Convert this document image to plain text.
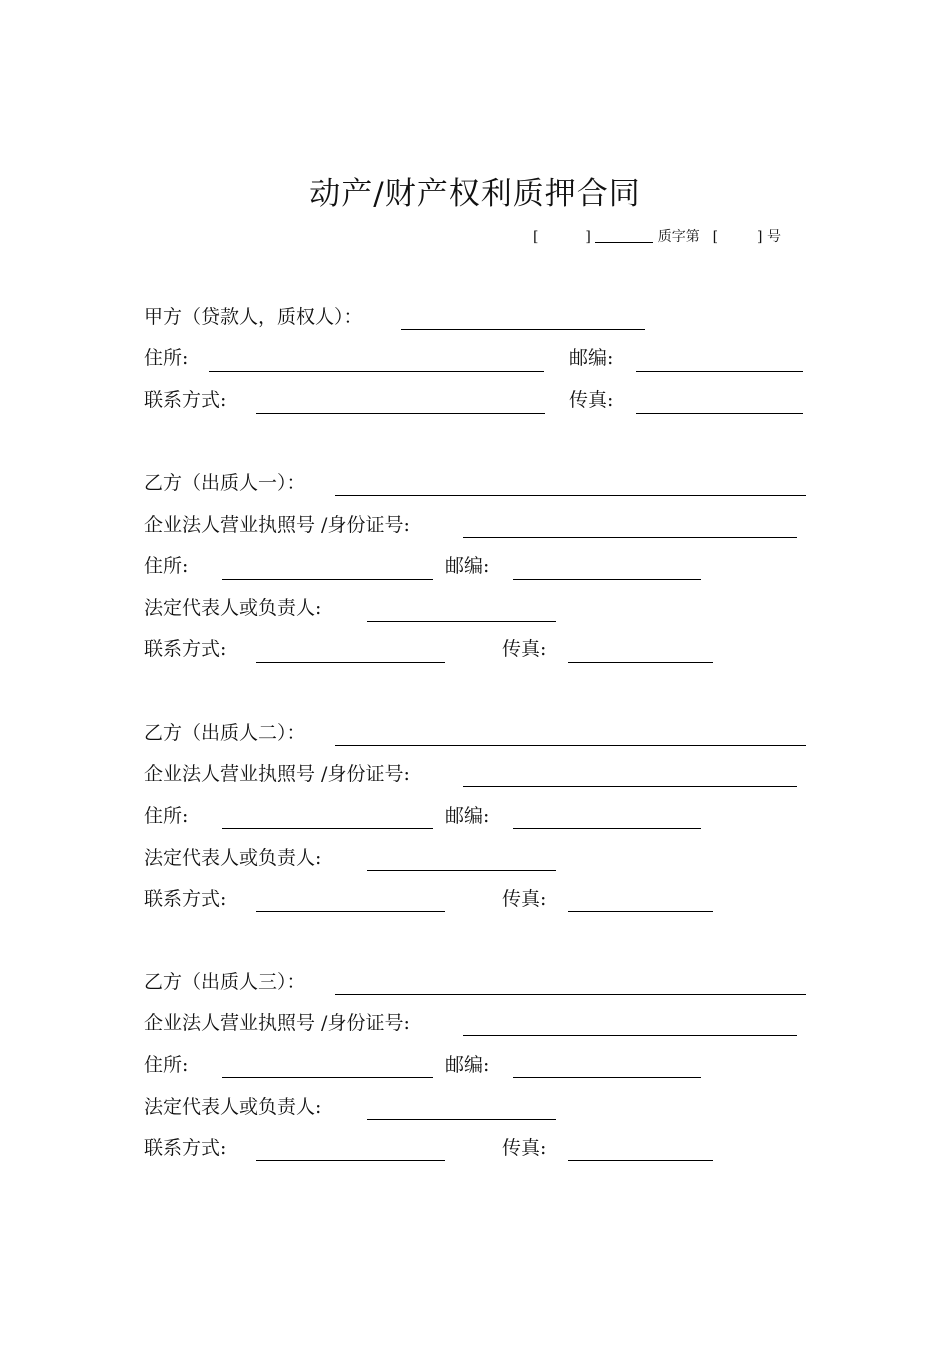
动产/财产权利质押合同
[	]	质字第 [	] 号
甲方（贷款人，质权人）：
住所:	邮编:
联系方式:	传真:
乙方（出质人一）：
企业法人营业执照号 /身份证号:
住所:	邮编:
法定代表人或负责人:
联系方式:	传真:
乙方（出质人二）：
企业法人营业执照号 /身份证号:
住所:	邮编:
法定代表人或负责人:
联系方式:	传真:
乙方（出质人三）：
企业法人营业执照号 /身份证号:
住所:	邮编:
法定代表人或负责人:
联系方式:	传真:
